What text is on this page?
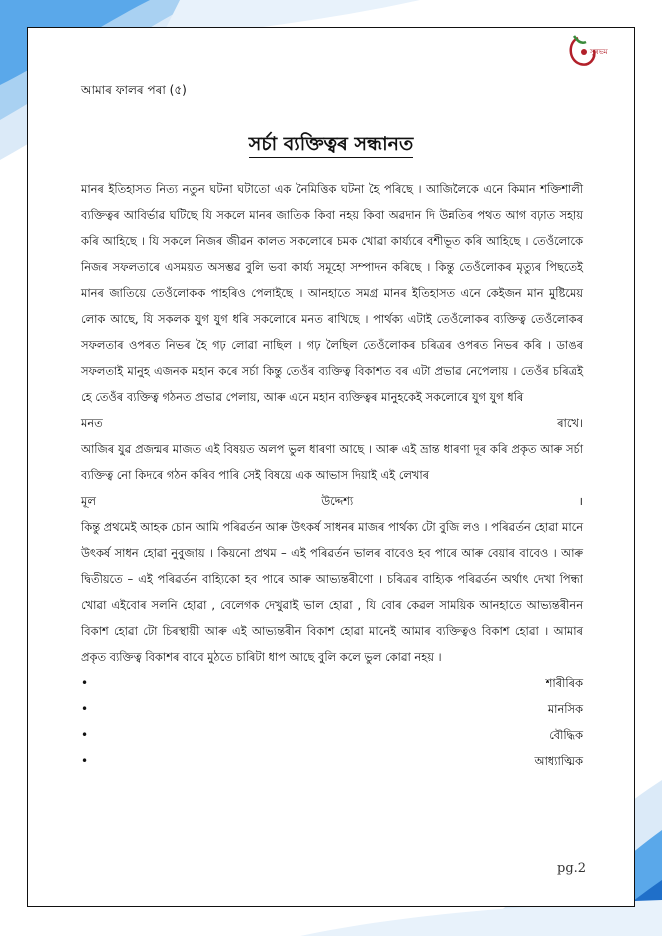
সুৰভম
আমাৰ ফালৰ পৰা (৫)
সৰ্চা ব্যক্তিত্বৰ সন্ধানত

মানৰ ইতিহাসত নিত্য নতুন ঘটনা ঘটাতো এক নৈমিত্তিক ঘটনা হৈ পৰিছে । আজিলৈকে এনে কিমান শক্তিশালী ব্যক্তিত্বৰ আবিৰ্ভাৱ ঘটিছে যি সকলে মানৰ জাতিক কিবা নহয় কিবা অৱদান দি উন্নতিৰ পথত আগ বঢ়াত সহায় কৰি আহিছে । যি সকলে নিজৰ জীৱন কালত সকলোৰে চমক খোৱা কাৰ্য্যৰে বশীভূত কৰি আহিছে । তেওঁলোকে নিজৰ সফলতাৰে এসময়ত অসম্ভৱ বুলি ভবা কাৰ্য্য সমূহো সম্পাদন কৰিছে । কিন্তু তেওঁলোকৰ মৃত্যুৰ পিছতেই মানৰ জাতিয়ে তেওঁলোকক পাহৰিও পেলাইছে । আনহাতে সমগ্ৰ মানৰ ইতিহাসত এনে কেইজন মান মুষ্টিমেয় লোক আছে, যি সকলক যুগ যুগ ধৰি সকলোৰে মনত ৰাখিছে । পাৰ্থক্য এটাই তেওঁলোকৰ ব্যক্তিত্ব তেওঁলোকৰ সফলতাৰ ওপৰত নিভৰ হৈ গঢ় লোৱা নাছিল । গঢ় লৈছিল তেওঁলোকৰ চৰিত্ৰৰ ওপৰত নিভৰ কৰি । ডাঙৰ সফলতাই মানুহ এজনক মহান কৰে সৰ্চা কিন্তু তেওঁৰ ব্যক্তিত্ব বিকাশত বৰ এটা প্ৰভাৱ নেপেলায় । তেওঁৰ চৰিত্ৰই হে তেওঁৰ ব্যক্তিত্ব গঠনত প্ৰভাৱ পেলায়, আৰু এনে মহান ব্যক্তিত্বৰ মানুহকেই সকলোৰে যুগ যুগ ধৰি

মনত	ৰাখে।

আজিৰ যুৱ প্ৰজন্মৰ মাজত এই বিষয়ত অলপ ভুল ধাৰণা আছে । আৰু এই ভ্ৰান্ত ধাৰণা দূৰ কৰি প্ৰকৃত আৰু সৰ্চা ব্যক্তিত্ব নো কিদৰে গঠন কৰিব পাৰি সেই বিষয়ে এক আভাস দিয়াই এই লেখাৰ

মূল	উদ্দেশ্য	।

কিন্তু প্ৰথমেই আহক চোন আমি পৰিৱৰ্তন আৰু উৎকৰ্ষ সাধনৰ মাজৰ পাৰ্থক্য টো বুজি লও । পৰিৱৰ্তন হোৱা মানে উৎকৰ্ষ সাধন হোৱা নুবুজায় । কিয়নো প্ৰথম – এই পৰিৱৰ্তন ভালৰ বাবেও হব পাৰে আৰু বেয়াৰ বাবেও । আৰু দ্বিতীয়তে – এই পৰিৱৰ্তন বাহ্যিকো হব পাৰে আৰু আভ্যন্তৰীণো । চৰিত্ৰৰ বাহ্যিক পৰিৱৰ্তন অৰ্থাৎ দেখা পিন্ধা খোৱা এইবোৰ সলনি হোৱা , বেলেগক দেখুৱাই ভাল হোৱা , যি বোৰ কেৱল সাময়িক আনহাতে আভ্যন্তৰীনন বিকাশ হোৱা টো চিৰস্থায়ী আৰু এই আভ্যন্তৰীন বিকাশ হোৱা মানেই আমাৰ ব্যক্তিত্বও বিকাশ হোৱা । আমাৰ প্ৰকৃত ব্যক্তিত্ব বিকাশৰ বাবে মুঠতে চাৰিটা ধাপ আছে বুলি কলে ভুল কোৱা নহয় ।

•	শাৰীৰিক
•	মানসিক
•	বৌদ্ধিক
•	আধ্যাত্মিক
pg.2
